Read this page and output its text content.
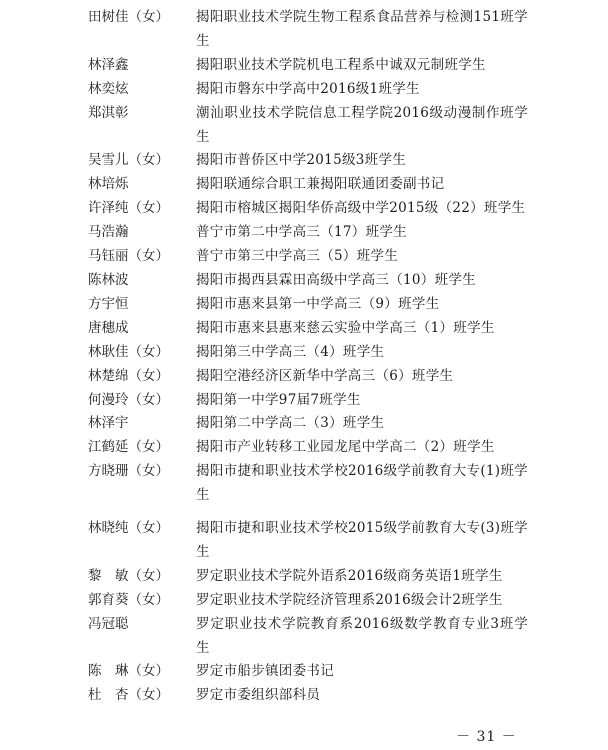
田树佳（女）	揭阳职业技术学院生物工程系食品营养与检测151班学生
林泽鑫	揭阳职业技术学院机电工程系中诚双元制班学生
林奕炫	揭阳市磐东中学高中2016级1班学生
郑淇彰	潮汕职业技术学院信息工程学院2016级动漫制作班学生
吴雪儿（女）	揭阳市普侨区中学2015级3班学生
林培烁	揭阳联通综合职工兼揭阳联通团委副书记
许泽纯（女）	揭阳市榕城区揭阳华侨高级中学2015级（22）班学生
马浩瀚	普宁市第二中学高三（17）班学生
马钰丽（女）	普宁市第三中学高三（5）班学生
陈林波	揭阳市揭西县霖田高级中学高三（10）班学生
方宇恒	揭阳市惠来县第一中学高三（9）班学生
唐穗成	揭阳市惠来县惠来慈云实验中学高三（1）班学生
林耿佳（女）	揭阳第三中学高三（4）班学生
林楚绵（女）	揭阳空港经济区新华中学高三（6）班学生
何漫玲（女）	揭阳第一中学97届7班学生
林泽宇	揭阳第二中学高二（3）班学生
江鹤延（女）	揭阳市产业转移工业园龙尾中学高二（2）班学生
方晓珊（女）	揭阳市捷和职业技术学校2016级学前教育大专(1)班学生
林晓纯（女）	揭阳市捷和职业技术学校2015级学前教育大专(3)班学生
黎　敏（女）	罗定职业技术学院外语系2016级商务英语1班学生
郭育葵（女）	罗定职业技术学院经济管理系2016级会计2班学生
冯冠聪	罗定职业技术学院教育系2016级数学教育专业3班学生
陈　琳（女）	罗定市船步镇团委书记
杜　杏（女）	罗定市委组织部科员
－ 31 －
